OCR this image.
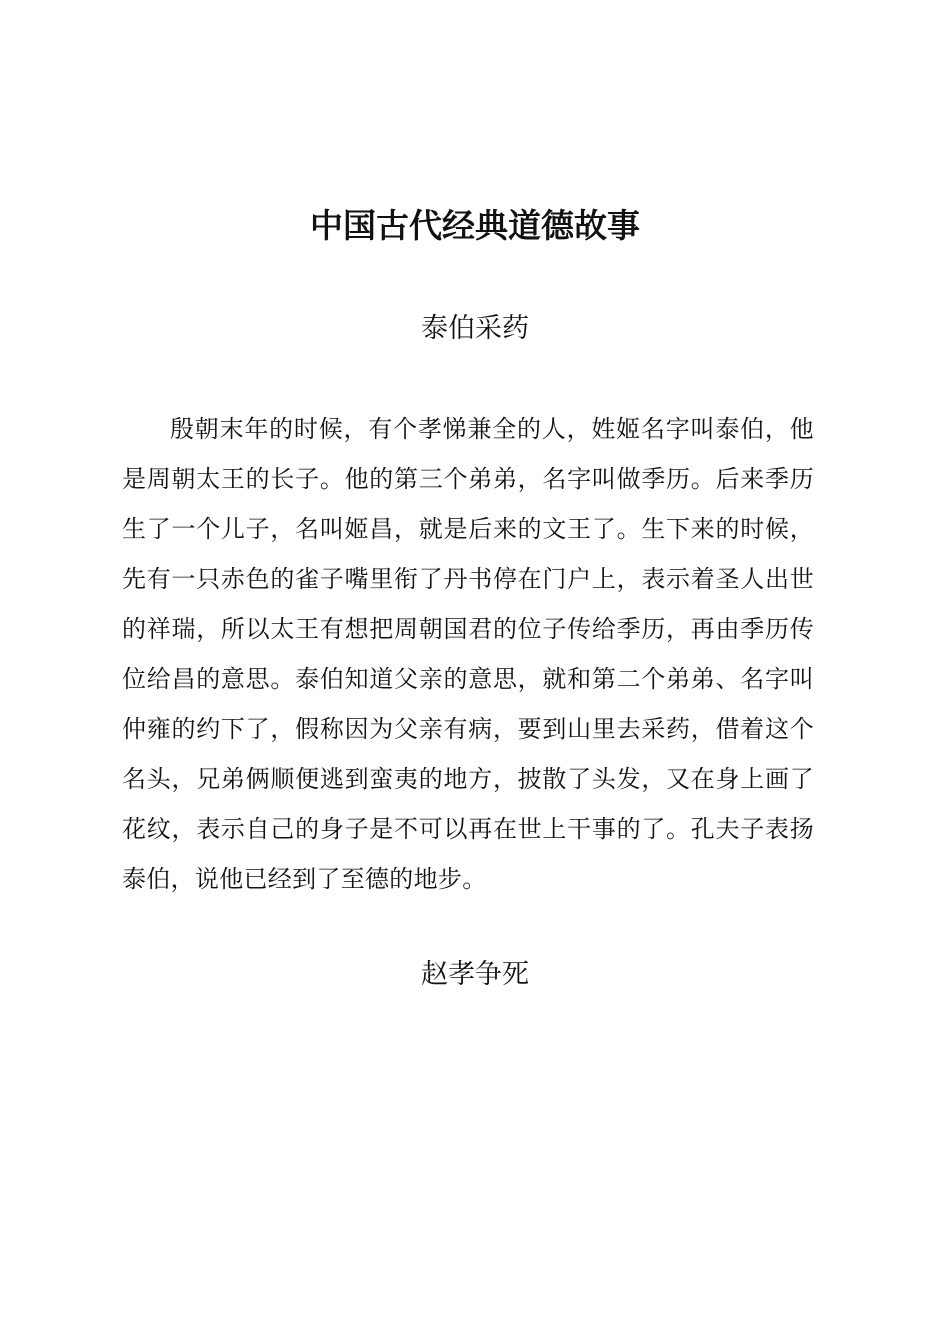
中国古代经典道德故事
泰伯采药

殷朝末年的时候，有个孝悌兼全的人，姓姬名字叫泰伯，他是周朝太王的长子。他的第三个弟弟，名字叫做季历。后来季历生了一个儿子，名叫姬昌，就是后来的文王了。生下来的时候，先有一只赤色的雀子嘴里衔了丹书停在门户上，表示着圣人出世的祥瑞，所以太王有想把周朝国君的位子传给季历，再由季历传位给昌的意思。泰伯知道父亲的意思，就和第二个弟弟、名字叫仲雍的约下了，假称因为父亲有病，要到山里去采药，借着这个名头，兄弟俩顺便逃到蛮夷的地方，披散了头发，又在身上画了花纹，表示自己的身子是不可以再在世上干事的了。孔夫子表扬泰伯，说他已经到了至德的地步。

赵孝争死
